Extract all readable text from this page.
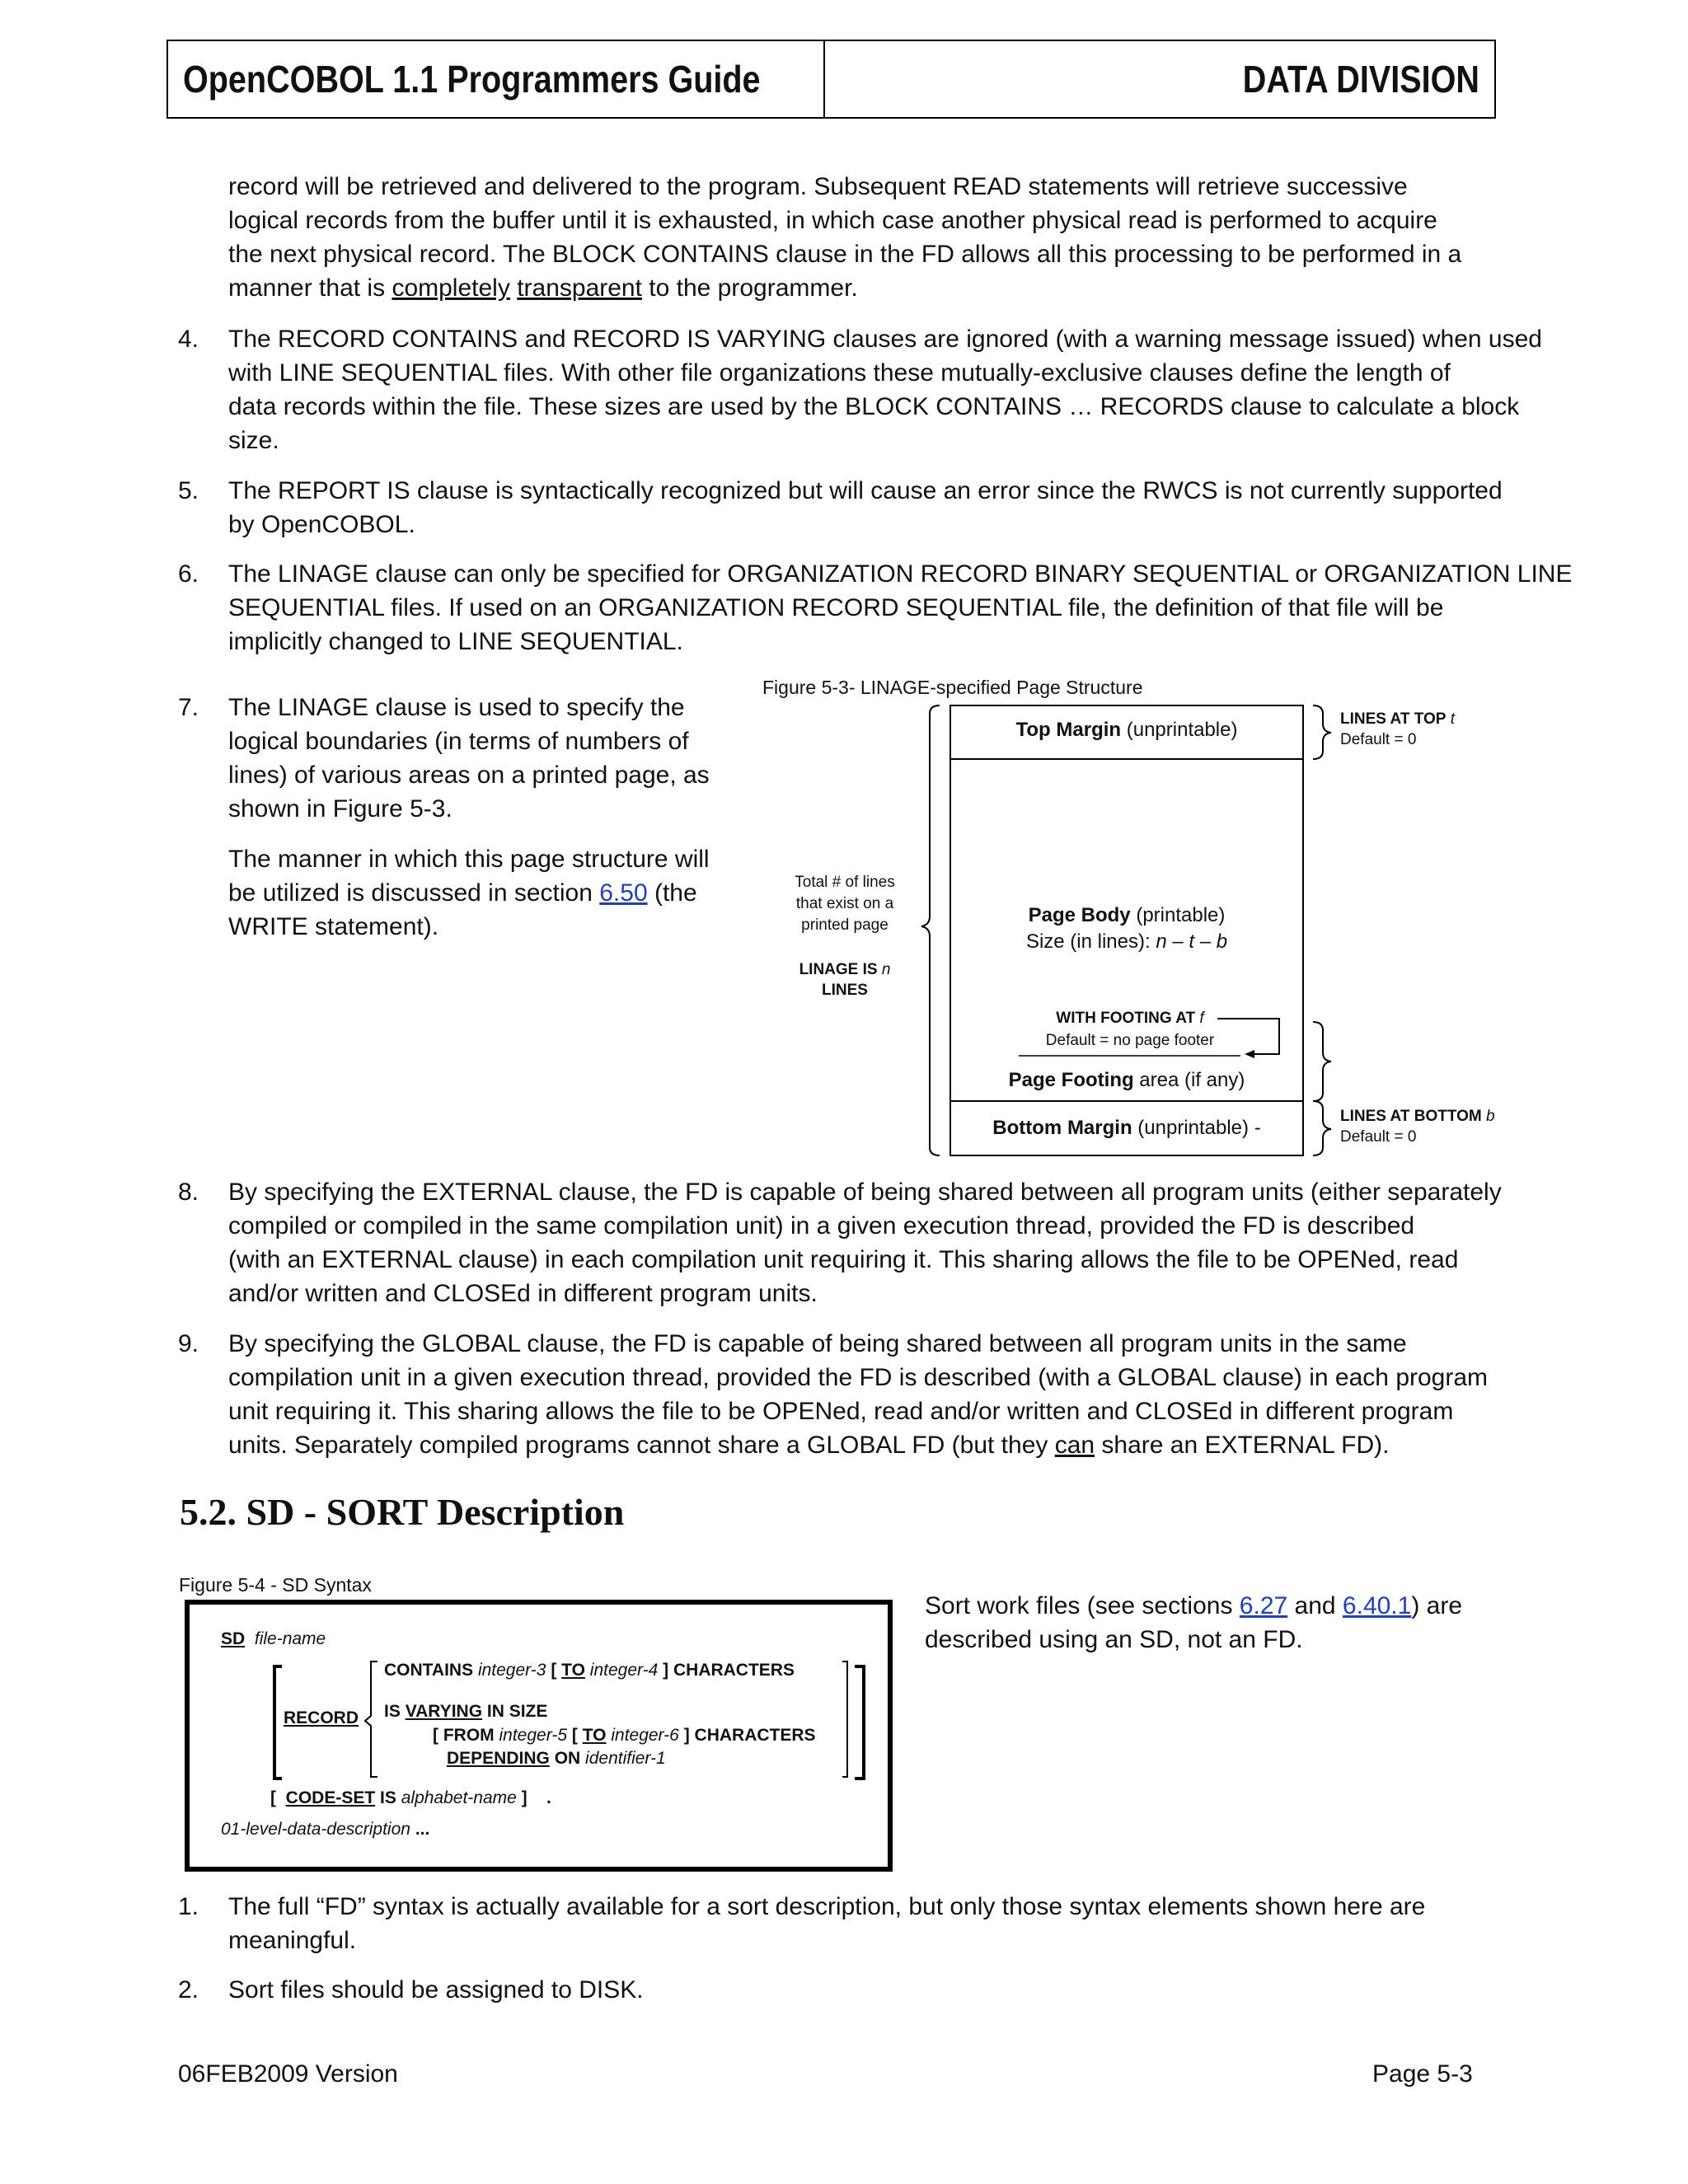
OpenCOBOL 1.1 Programmers Guide	DATA DIVISION
record will be retrieved and delivered to the program. Subsequent READ statements will retrieve successive
logical records from the buffer until it is exhausted, in which case another physical read is performed to acquire
the next physical record. The BLOCK CONTAINS clause in the FD allows all this processing to be performed in a
manner that is completely transparent to the programmer.
4. The RECORD CONTAINS and RECORD IS VARYING clauses are ignored (with a warning message issued) when used
with LINE SEQUENTIAL files. With other file organizations these mutually-exclusive clauses define the length of
data records within the file. These sizes are used by the BLOCK CONTAINS … RECORDS clause to calculate a block
size.
5. The REPORT IS clause is syntactically recognized but will cause an error since the RWCS is not currently supported
by OpenCOBOL.
6. The LINAGE clause can only be specified for ORGANIZATION RECORD BINARY SEQUENTIAL or ORGANIZATION LINE
SEQUENTIAL files. If used on an ORGANIZATION RECORD SEQUENTIAL file, the definition of that file will be
implicitly changed to LINE SEQUENTIAL.
7. The LINAGE clause is used to specify the
logical boundaries (in terms of numbers of
lines) of various areas on a printed page, as
shown in Figure 5-3.
The manner in which this page structure will
be utilized is discussed in section 6.50 (the
WRITE statement).
Figure 5-3- LINAGE-specified Page Structure
Top Margin (unprintable)	LINES AT TOP t
Default = 0
Total # of lines
that exist on a
printed page
LINAGE IS n LINES
Page Body (printable)
Size (in lines): n – t – b
WITH FOOTING AT f
Default = no page footer
Page Footing area (if any)
Bottom Margin (unprintable) -
LINES AT BOTTOM b
Default = 0
8. By specifying the EXTERNAL clause, the FD is capable of being shared between all program units (either separately
compiled or compiled in the same compilation unit) in a given execution thread, provided the FD is described
(with an EXTERNAL clause) in each compilation unit requiring it. This sharing allows the file to be OPENed, read
and/or written and CLOSEd in different program units.
9. By specifying the GLOBAL clause, the FD is capable of being shared between all program units in the same
compilation unit in a given execution thread, provided the FD is described (with a GLOBAL clause) in each program
unit requiring it. This sharing allows the file to be OPENed, read and/or written and CLOSEd in different program
units. Separately compiled programs cannot share a GLOBAL FD (but they can share an EXTERNAL FD).
5.2. SD - SORT Description
Figure 5-4 - SD Syntax
SD file-name
CONTAINS integer-3 [ TO integer-4 ] CHARACTERS
RECORD IS VARYING IN SIZE
[ FROM integer-5 [ TO integer-6 ] CHARACTERS
DEPENDING ON identifier-1
[ CODE-SET IS alphabet-name ] .
01-level-data-description ...
Sort work files (see sections 6.27 and 6.40.1) are
described using an SD, not an FD.
1. The full “FD” syntax is actually available for a sort description, but only those syntax elements shown here are
meaningful.
2. Sort files should be assigned to DISK.
06FEB2009 Version	Page 5-3
